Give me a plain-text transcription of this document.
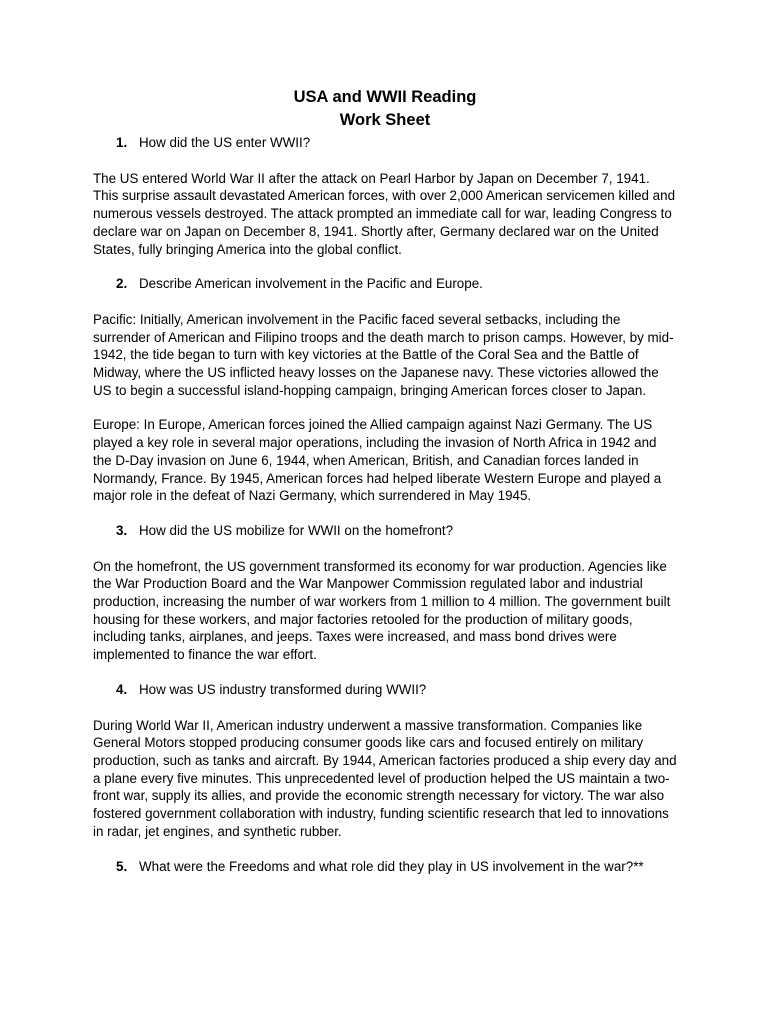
USA and WWII Reading
Work Sheet

1. How did the US enter WWII?

The US entered World War II after the attack on Pearl Harbor by Japan on December 7, 1941. This surprise assault devastated American forces, with over 2,000 American servicemen killed and numerous vessels destroyed. The attack prompted an immediate call for war, leading Congress to declare war on Japan on December 8, 1941. Shortly after, Germany declared war on the United States, fully bringing America into the global conflict.

2. Describe American involvement in the Pacific and Europe.

Pacific: Initially, American involvement in the Pacific faced several setbacks, including the surrender of American and Filipino troops and the death march to prison camps. However, by mid-1942, the tide began to turn with key victories at the Battle of the Coral Sea and the Battle of Midway, where the US inflicted heavy losses on the Japanese navy. These victories allowed the US to begin a successful island-hopping campaign, bringing American forces closer to Japan.

Europe: In Europe, American forces joined the Allied campaign against Nazi Germany. The US played a key role in several major operations, including the invasion of North Africa in 1942 and the D-Day invasion on June 6, 1944, when American, British, and Canadian forces landed in Normandy, France. By 1945, American forces had helped liberate Western Europe and played a major role in the defeat of Nazi Germany, which surrendered in May 1945.

3. How did the US mobilize for WWII on the homefront?

On the homefront, the US government transformed its economy for war production. Agencies like the War Production Board and the War Manpower Commission regulated labor and industrial production, increasing the number of war workers from 1 million to 4 million. The government built housing for these workers, and major factories retooled for the production of military goods, including tanks, airplanes, and jeeps. Taxes were increased, and mass bond drives were implemented to finance the war effort.

4. How was US industry transformed during WWII?

During World War II, American industry underwent a massive transformation. Companies like General Motors stopped producing consumer goods like cars and focused entirely on military production, such as tanks and aircraft. By 1944, American factories produced a ship every day and a plane every five minutes. This unprecedented level of production helped the US maintain a two-front war, supply its allies, and provide the economic strength necessary for victory. The war also fostered government collaboration with industry, funding scientific research that led to innovations in radar, jet engines, and synthetic rubber.

5. What were the Freedoms and what role did they play in US involvement in the war?**
